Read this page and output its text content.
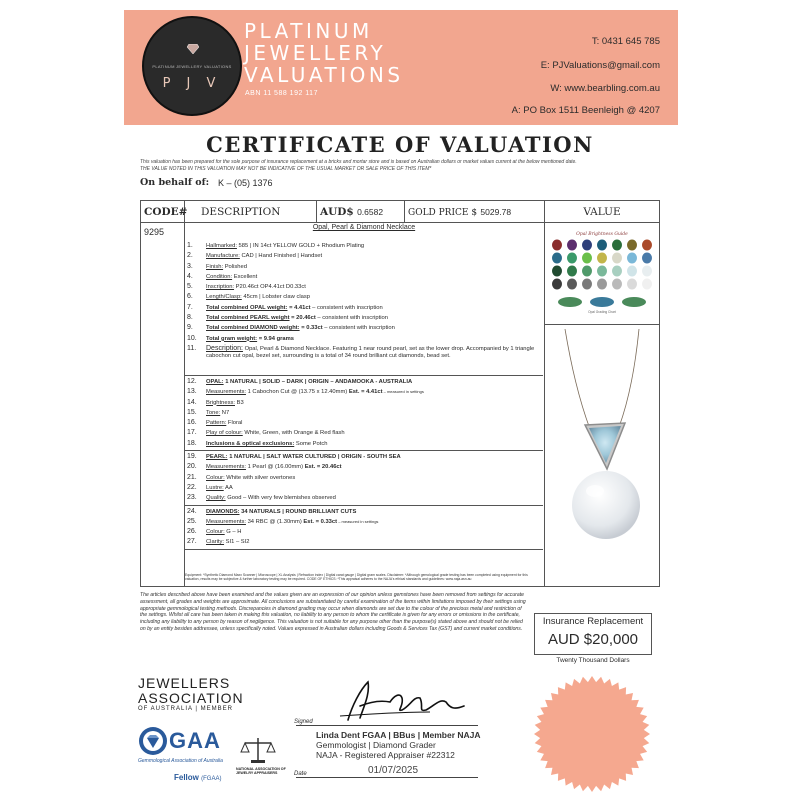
PLATINUM JEWELLERY VALUATIONS
P J V
PLATINUM
JEWELLERY
VALUATIONS
ABN 11 588 192 117
T: 0431 645 785
E: PJValuations@gmail.com
W: www.bearbling.com.au
A: PO Box 1511 Beenleigh @ 4207
CERTIFICATE OF VALUATION
This valuation has been prepared for the sole purpose of insurance replacement at a bricks and mortar store and is based on Australian dollars or market values current at the below mentioned date.
THE VALUE NOTED IN THIS VALUATION MAY NOT BE INDICATIVE OF THE USUAL MARKET OR SALE PRICE OF THIS ITEM*
On behalf of: K – (05) 1376
CODE#	DESCRIPTION	AUD$ 0.6582	GOLD PRICE $ 5029.78	VALUE
9295	Opal, Pearl & Diamond Necklace
1. Hallmarked: 585 | IN 14ct YELLOW GOLD + Rhodium Plating
2. Manufacture: CAD | Hand Finished | Handset
3. Finish: Polished
4. Condition: Excellent
5. Inscription: P20.46ct OP4.41ct D0.33ct
6. Length/Clasp: 45cm | Lobster claw clasp
7. Total combined OPAL weight: = 4.41ct – consistent with inscription
8. Total combined PEARL weight = 20.46ct – consistent with inscription
9. Total combined DIAMOND weight: = 0.33ct – consistent with inscription
10. Total gram weight: = 9.94 grams
11. Description: Opal, Pearl & Diamond Necklace. Featuring 1 near round pearl, set as the lower drop. Accompanied by 1 triangle cabochon cut opal, bezel set, surrounding is a total of 34 round brilliant cut diamonds, bead set.
12. OPAL: 1 NATURAL | SOLID – DARK | ORIGIN – ANDAMOOKA - AUSTRALIA
13. Measurements: 1 Cabochon Cut @ (13.75 x 12.40mm) Est. = 4.41ct – measured in settings
14. Brightness: B3
15. Tone: N7
16. Pattern: Floral
17. Play of colour: White, Green, with Orange & Red flash
18. Inclusions & optical exclusions: Some Potch
19. PEARL: 1 NATURAL | SALT WATER CULTURED | ORIGIN - SOUTH SEA
20. Measurements: 1 Pearl @ (16.00mm) Est. = 20.46ct
21. Colour: White with silver overtones
22. Lustre: AA
23. Quality: Good – With very few blemishes observed
24. DIAMONDS: 34 NATURALS | ROUND BRILLIANT CUTS
25. Measurements: 34 RBC @ (1.30mm) Est. = 0.33ct – measured in settings
26. Colour: G – H
27. Clarity: SI1 – SI2
Equipment: *Synthetic Diamond Maxx Scanner | Microscope | XL Analysis | Refraction index | Digital carat gauge | Digital gram scales. Disclaimer: *Although gemological grade testing has been completed using equipment for this valuation, results may be subjective & further laboratory testing may be required. CODE OF ETHICS: *This appraisal adheres to the NAJA's ethical standards and guidelines: www.naja.asn.au
Opal Brightness Guide
Opal Grading Chart
The articles described above have been examined and the values given are an expression of our opinion unless gemstones have been removed from settings for accurate assessment, all grades and weights are approximate. All conclusions are substantiated by careful examination of the items within limitations imposed by their settings using appropriate gemmological testing methods. Discrepancies in diamond grading may occur when diamonds are set due to the colour of the precious metal and restriction of the settings. Whilst all care has been taken in making this valuation, no liability to any person to whom the certificate is given for any errors or omissions in the certificate, including any liability to any person by reason of negligence. This valuation is not suitable for any purpose other than the purpose(s) stated above and should not be relied on by an entity besides addressee, unless specifically noted. Values expressed in Australian dollars including Goods & Services Tax (GST) and current market conditions.
Insurance Replacement
AUD $20,000
Twenty Thousand Dollars
JEWELLERS
ASSOCIATION
OF AUSTRALIA | MEMBER
GAA
Gemmological Association of Australia
Fellow (FGAA)
NATIONAL ASSOCIATION OF JEWELRY APPRAISERS
Signed
Linda Dent FGAA | BBus | Member NAJA
Gemmologist | Diamond Grader
NAJA - Registered Appraiser #22312
Date	01/07/2025
